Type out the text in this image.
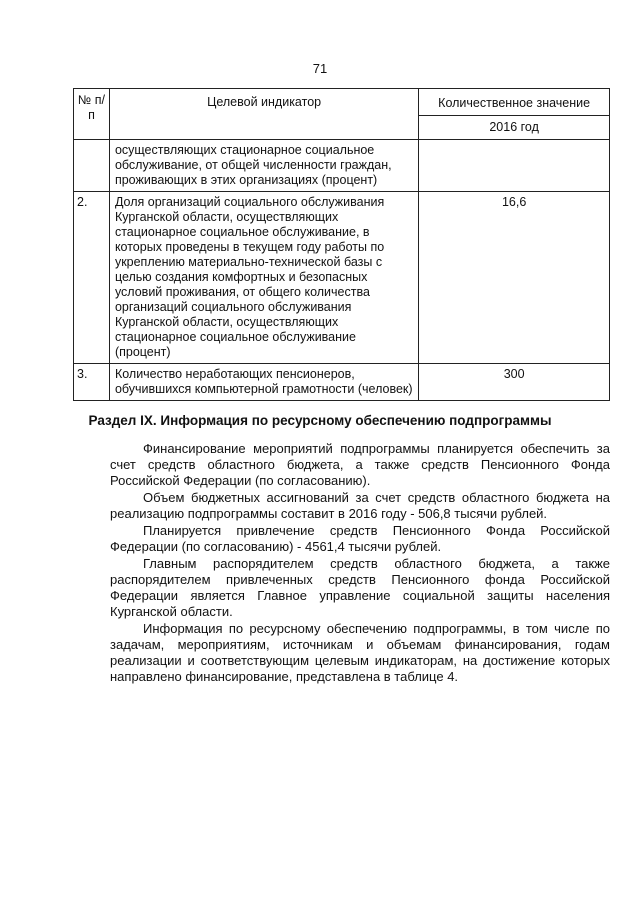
71
№ п/п	Целевой индикатор	Количественное значение
		2016 год
	осуществляющих стационарное социальное обслуживание, от общей численности граждан, проживающих в этих организациях (процент)	
2.	Доля организаций социального обслуживания Курганской области, осуществляющих стационарное социальное обслуживание, в которых проведены в текущем году работы по укреплению материально-технической базы с целью создания комфортных и безопасных условий проживания, от общего количества организаций социального обслуживания Курганской области, осуществляющих стационарное социальное обслуживание (процент)	16,6
3.	Количество неработающих пенсионеров, обучившихся компьютерной грамотности (человек)	300
Раздел IX. Информация по ресурсному обеспечению подпрограммы

Финансирование мероприятий подпрограммы планируется обеспечить за счет средств областного бюджета, а также средств Пенсионного Фонда Российской Федерации (по согласованию).

Объем бюджетных ассигнований за счет средств областного бюджета на реализацию подпрограммы составит в 2016 году - 506,8 тысячи рублей.

Планируется привлечение средств Пенсионного Фонда Российской Федерации (по согласованию) - 4561,4 тысячи рублей.

Главным распорядителем средств областного бюджета, а также распорядителем привлеченных средств Пенсионного фонда Российской Федерации является Главное управление социальной защиты населения Курганской области.

Информация по ресурсному обеспечению подпрограммы, в том числе по задачам, мероприятиям, источникам и объемам финансирования, годам реализации и соответствующим целевым индикаторам, на достижение которых направлено финансирование, представлена в таблице 4.
